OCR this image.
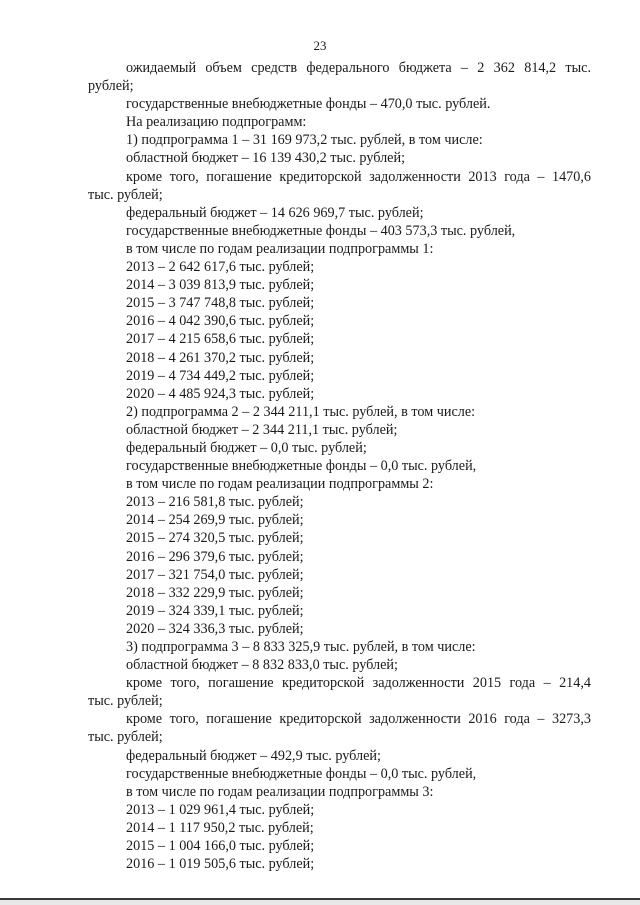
23
ожидаемый объем средств федерального бюджета – 2 362 814,2 тыс.
рублей;
государственные внебюджетные фонды – 470,0 тыс. рублей.
На реализацию подпрограмм:
1) подпрограмма 1 – 31 169 973,2 тыс. рублей, в том числе:
областной бюджет – 16 139 430,2 тыс. рублей;
кроме того, погашение кредиторской задолженности 2013 года – 1470,6
тыс. рублей;
федеральный бюджет – 14 626 969,7 тыс. рублей;
государственные внебюджетные фонды – 403 573,3 тыс. рублей,
в том числе по годам реализации подпрограммы 1:
2013 – 2 642 617,6 тыс. рублей;
2014 – 3 039 813,9 тыс. рублей;
2015 – 3 747 748,8 тыс. рублей;
2016 – 4 042 390,6 тыс. рублей;
2017 – 4 215 658,6 тыс. рублей;
2018 – 4 261 370,2 тыс. рублей;
2019 – 4 734 449,2 тыс. рублей;
2020 – 4 485 924,3 тыс. рублей;
2) подпрограмма 2 – 2 344 211,1 тыс. рублей, в том числе:
областной бюджет – 2 344 211,1 тыс. рублей;
федеральный бюджет – 0,0 тыс. рублей;
государственные внебюджетные фонды – 0,0 тыс. рублей,
в том числе по годам реализации подпрограммы 2:
2013 – 216 581,8 тыс. рублей;
2014 – 254 269,9 тыс. рублей;
2015 – 274 320,5 тыс. рублей;
2016 – 296 379,6 тыс. рублей;
2017 – 321 754,0 тыс. рублей;
2018 – 332 229,9 тыс. рублей;
2019 – 324 339,1 тыс. рублей;
2020 – 324 336,3 тыс. рублей;
3) подпрограмма 3 – 8 833 325,9 тыс. рублей, в том числе:
областной бюджет – 8 832 833,0 тыс. рублей;
кроме того, погашение кредиторской задолженности 2015 года – 214,4
тыс. рублей;
кроме того, погашение кредиторской задолженности 2016 года – 3273,3
тыс. рублей;
федеральный бюджет – 492,9 тыс. рублей;
государственные внебюджетные фонды – 0,0 тыс. рублей,
в том числе по годам реализации подпрограммы 3:
2013 – 1 029 961,4 тыс. рублей;
2014 – 1 117 950,2 тыс. рублей;
2015 – 1 004 166,0 тыс. рублей;
2016 – 1 019 505,6 тыс. рублей;
